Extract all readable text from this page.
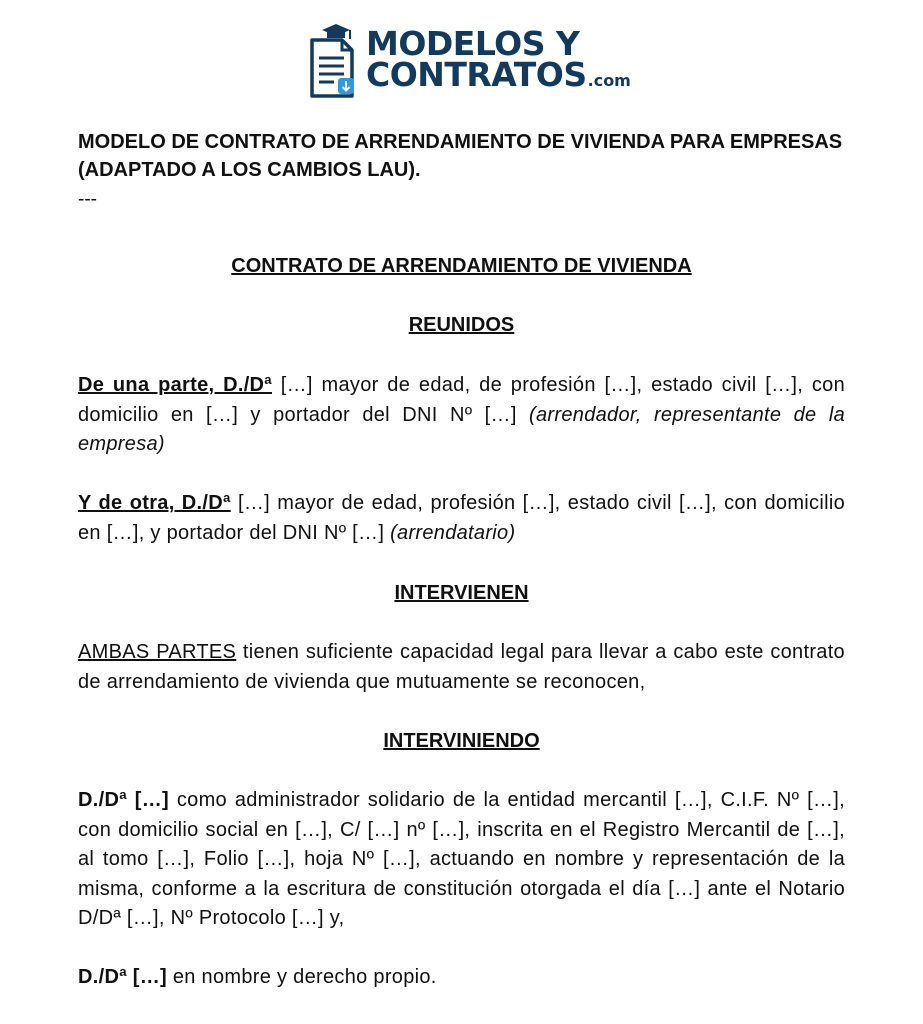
MODELOS Y
CONTRATOS.com
MODELO DE CONTRATO DE ARRENDAMIENTO DE VIVIENDA PARA EMPRESAS (ADAPTADO A LOS CAMBIOS LAU).
---
CONTRATO DE ARRENDAMIENTO DE VIVIENDA
REUNIDOS

De una parte, D./Dª […] mayor de edad, de profesión […], estado civil […], con domicilio en […] y portador del DNI Nº […] (arrendador, representante de la empresa)

Y de otra, D./Dª […] mayor de edad, profesión […], estado civil […], con domicilio en […], y portador del DNI Nº […] (arrendatario)

INTERVIENEN

AMBAS PARTES tienen suficiente capacidad legal para llevar a cabo este contrato de arrendamiento de vivienda que mutuamente se reconocen,

INTERVINIENDO

D./Dª […] como administrador solidario de la entidad mercantil […], C.I.F. Nº […], con domicilio social en […], C/ […] nº […], inscrita en el Registro Mercantil de […], al tomo […], Folio […], hoja Nº […], actuando en nombre y representación de la misma, conforme a la escritura de constitución otorgada el día […] ante el Notario D/Dª […], Nº Protocolo […] y,

D./Dª […] en nombre y derecho propio.
